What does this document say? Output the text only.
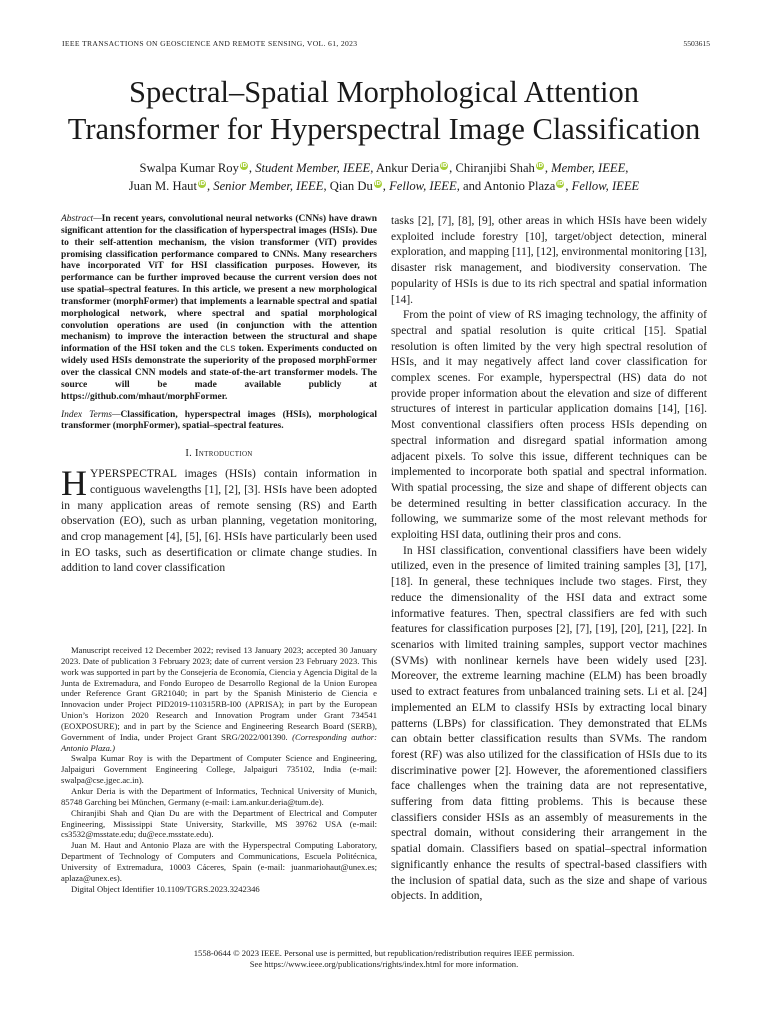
IEEE TRANSACTIONS ON GEOSCIENCE AND REMOTE SENSING, VOL. 61, 2023	5503615
Spectral–Spatial Morphological Attention
Transformer for Hyperspectral Image Classification
Swalpa Kumar Roy iD , Student Member, IEEE, Ankur Deria iD , Chiranjibi Shah iD , Member, IEEE,
Juan M. Haut iD , Senior Member, IEEE, Qian Du iD , Fellow, IEEE, and Antonio Plaza iD , Fellow, IEEE

Abstract—In recent years, convolutional neural networks (CNNs) have drawn significant attention for the classification of hyperspectral images (HSIs). Due to their self-attention mechanism, the vision transformer (ViT) provides promising classification performance compared to CNNs. Many researchers have incorporated ViT for HSI classification purposes. However, its performance can be further improved because the current version does not use spatial–spectral features. In this article, we present a new morphological transformer (morphFormer) that implements a learnable spectral and spatial morphological network, where spectral and spatial morphological convolution operations are used (in conjunction with the attention mechanism) to improve the interaction between the structural and shape information of the HSI token and the CLS token. Experiments conducted on widely used HSIs demonstrate the superiority of the proposed morphFormer over the classical CNN models and state-of-the-art transformer models. The source will be made available publicly at https://github.com/mhaut/morphFormer.

Index Terms—Classification, hyperspectral images (HSIs), morphological transformer (morphFormer), spatial–spectral features.

I. Introduction

HYPERSPECTRAL images (HSIs) contain information in contiguous wavelengths [1], [2], [3]. HSIs have been adopted in many application areas of remote sensing (RS) and Earth observation (EO), such as urban planning, vegetation monitoring, and crop management [4], [5], [6]. HSIs have particularly been used in EO tasks, such as desertification or climate change studies. In addition to land cover classification

Manuscript received 12 December 2022; revised 13 January 2023; accepted 30 January 2023. Date of publication 3 February 2023; date of current version 23 February 2023. This work was supported in part by the Consejería de Economía, Ciencia y Agencia Digital de la Junta de Extremadura, and Fondo Europeo de Desarrollo Regional de la Union Europea under Reference Grant GR21040; in part by the Spanish Ministerio de Ciencia e Innovacion under Project PID2019-110315RB-I00 (APRISA); in part by the European Union’s Horizon 2020 Research and Innovation Program under Grant 734541 (EOXPOSURE); and in part by the Science and Engineering Research Board (SERB), Government of India, under Project Grant SRG/2022/001390. (Corresponding author: Antonio Plaza.)

Swalpa Kumar Roy is with the Department of Computer Science and Engineering, Jalpaiguri Government Engineering College, Jalpaiguri 735102, India (e-mail: swalpa@cse.jgec.ac.in).

Ankur Deria is with the Department of Informatics, Technical University of Munich, 85748 Garching bei München, Germany (e-mail: i.am.ankur.deria@tum.de).

Chiranjibi Shah and Qian Du are with the Department of Electrical and Computer Engineering, Mississippi State University, Starkville, MS 39762 USA (e-mail: cs3532@msstate.edu; du@ece.msstate.edu).

Juan M. Haut and Antonio Plaza are with the Hyperspectral Computing Laboratory, Department of Technology of Computers and Communications, Escuela Politécnica, University of Extremadura, 10003 Cáceres, Spain (e-mail: juanmariohaut@unex.es; aplaza@unex.es).

Digital Object Identifier 10.1109/TGRS.2023.3242346

tasks [2], [7], [8], [9], other areas in which HSIs have been widely exploited include forestry [10], target/object detection, mineral exploration, and mapping [11], [12], environmental monitoring [13], disaster risk management, and biodiversity conservation. The popularity of HSIs is due to its rich spectral and spatial information [14].

From the point of view of RS imaging technology, the affinity of spectral and spatial resolution is quite critical [15]. Spatial resolution is often limited by the very high spectral resolution of HSIs, and it may negatively affect land cover classification for complex scenes. For example, hyperspectral (HS) data do not provide proper information about the elevation and size of different structures of interest in particular application domains [14], [16]. Most conventional classifiers often process HSIs depending on spectral information and disregard spatial information among adjacent pixels. To solve this issue, different techniques can be implemented to incorporate both spatial and spectral information. With spatial processing, the size and shape of different objects can be determined resulting in better classification accuracy. In the following, we summarize some of the most relevant methods for exploiting HSI data, outlining their pros and cons.

In HSI classification, conventional classifiers have been widely utilized, even in the presence of limited training samples [3], [17], [18]. In general, these techniques include two stages. First, they reduce the dimensionality of the HSI data and extract some informative features. Then, spectral classifiers are fed with such features for classification purposes [2], [7], [19], [20], [21], [22]. In scenarios with limited training samples, support vector machines (SVMs) with nonlinear kernels have been widely used [23]. Moreover, the extreme learning machine (ELM) has been broadly used to extract features from unbalanced training sets. Li et al. [24] implemented an ELM to classify HSIs by extracting local binary patterns (LBPs) for classification. They demonstrated that ELMs can obtain better classification results than SVMs. The random forest (RF) was also utilized for the classification of HSIs due to its discriminative power [2]. However, the aforementioned classifiers face challenges when the training data are not representative, suffering from data fitting problems. This is because these classifiers consider HSIs as an assembly of measurements in the spectral domain, without considering their arrangement in the spatial domain. Classifiers based on spatial–spectral information significantly enhance the results of spectral-based classifiers with the inclusion of spatial data, such as the size and shape of various objects. In addition,

1558-0644 © 2023 IEEE. Personal use is permitted, but republication/redistribution requires IEEE permission.
See https://www.ieee.org/publications/rights/index.html for more information.
